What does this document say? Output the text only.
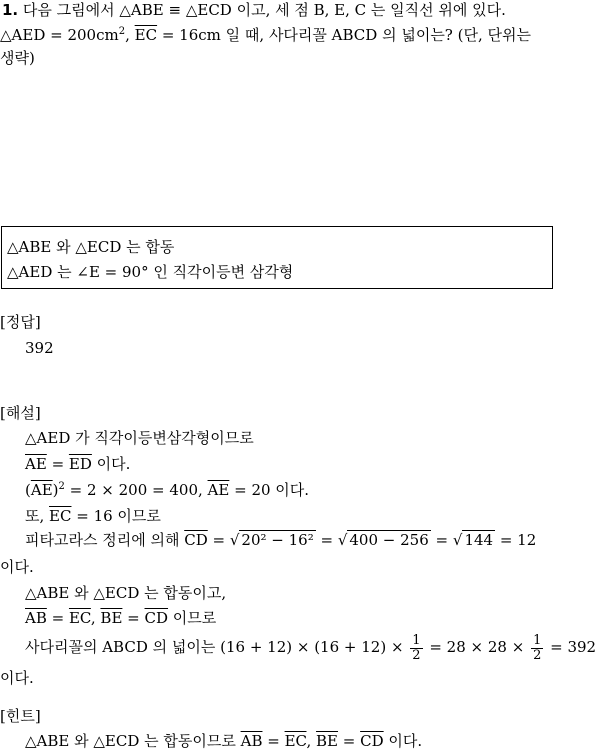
1. 다음 그림에서 △ABE ≡ △ECD 이고, 세 점 B, E, C 는 일직선 위에 있다.
△AED = $200cm^2$, $\overline{EC} = 16cm$ 일 때, 사다리꼴 ABCD 의 넓이는? (단, 단위는
생략)
△ABE 와 △ECD 는 합동
△AED 는 ∠E = 90° 인 직각이등변 삼각형
[정답]
392
[해설]
△AED 가 직각이등변삼각형이므로
$\overline{AE} = \overline{ED}$ 이다.
$(\overline{AE})^2 = 2 \times 200 = 400$, $\overline{AE} = 20$ 이다.
또, $\overline{EC} = 16$ 이므로
피타고라스 정리에 의해 $\overline{CD}$ = √ 20² − 16² = √ 400 − 256 = √ 144 = 12
이다.
△ABE 와 △ECD 는 합동이고,
$\overline{AB} = \overline{EC}$, $\overline{BE} = \overline{CD}$ 이므로
사다리꼴의 ABCD 의 넓이는 $(16 + 12) \times (16 + 12) \times \frac{1}{2} = 28 \times 28 \times \frac{1}{2} = 392$
이다.
[힌트]
△ABE 와 △ECD 는 합동이므로 $\overline{AB} = \overline{EC}$, $\overline{BE} = \overline{CD}$ 이다.
